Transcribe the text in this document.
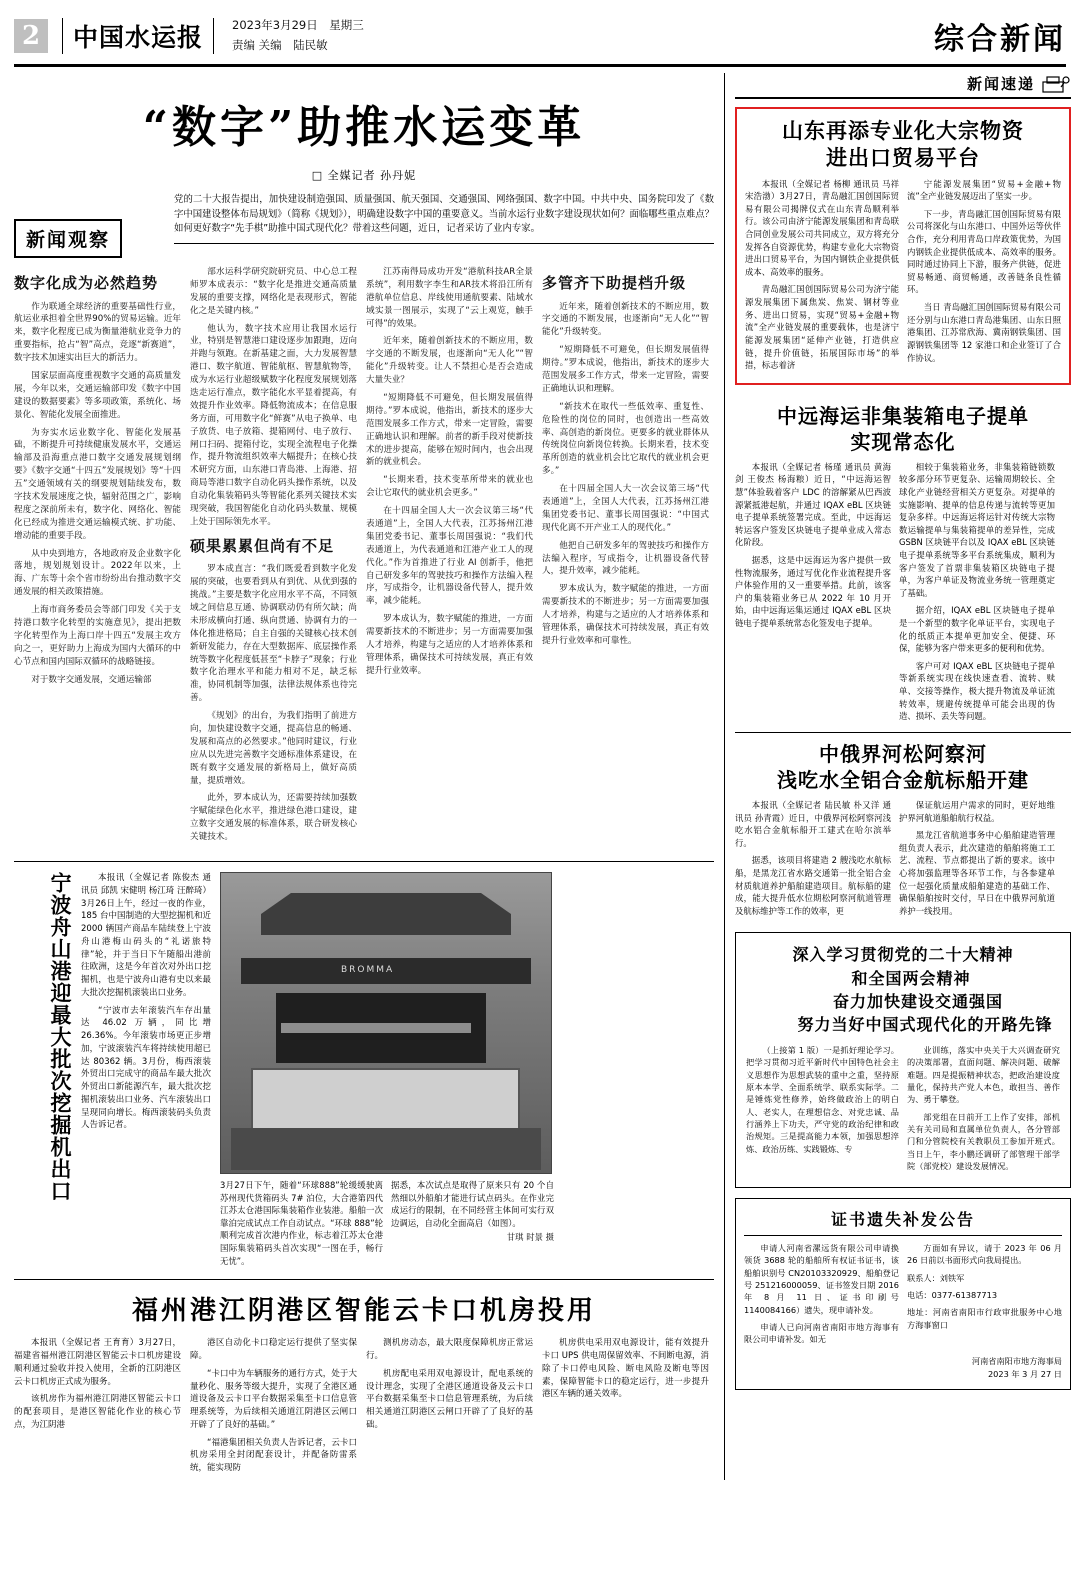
2	中国水运报	2023年3月29日　星期三
责编 关编　陆民敏	综合新闻
“数字”助推水运变革
□ 全媒记者 孙丹妮
新闻观察
党的二十大报告提出，加快建设制造强国、质量强国、航天强国、交通强国、网络强国、数字中国。中共中央、国务院印发了《数字中国建设整体布局规划》（简称《规划》），明确建设数字中国的重要意义。当前水运行业数字建设现状如何？面临哪些重点难点？如何更好数字“先手棋”助推中国式现代化？带着这些问题，近日，记者采访了业内专家。
数字化成为必然趋势

作为联通全球经济的重要基础性行业，航运业承担着全世界90%的贸易运输。近年来，数字化程度已成为衡量港航业竞争力的重要指标，抢占“智”高点，竞逐“新赛道”，数字技术加速实出巨大的新活力。

国家层面高度重视数字交通的高质量发展，今年以来，交通运输部印发《数字中国建设的数据要素》等多项政策，系统化、场景化、智能化发展全面推进。

为夯实水运业数字化、智能化发展基础，不断提升可持续健康发展水平，交通运输部及沿海重点港口数字交通发展规划纲要》《数字交通“十四五”发展规划》等“十四五”交通领域有关的纲要规划陆续发布，数字技术发展速度之快，辐射范围之广，影响程度之深前所未有，数字化、网络化、智能化已经成为推进交通运输模式统、扩功能、增动能的重要手段。

从中央到地方，各地政府及企业数字化落地，规划规划设计。2022年以来，上海、广东等十余个省市纷纷出台推动数字交通发展的相关政策措施。

上海市商务委员会等部门印发《关于支持港口数字化转型的实施意见》，提出把数字化转型作为上海口岸十四五“发展主攻方向之一，更好助力上海成为国内大循环的中心节点和国内国际双循环的战略链接。

对于数字交通发展，交通运输部

部水运科学研究院研究员、中心总工程师罗本成表示：“数字化是推进交通高质量发展的重要支撑，网络化是表现形式，智能化之是关键内核。”

他认为，数字技术应用让我国水运行业，特别是智慧港口建设逐步加跟跑，迈向并跑与领跑。在新基建之面，大力发展智慧港口、数字航道、智能航枢、智慧航物等，成为水运行业超级赋数字化程度发展规划落迭走运行准点，数字能化水平显着提高，有效提升作业效率。降低物流成本；在信息服务方面，可用数字化“鲜赛”从电子换单、电子放货、电子放箱、提箱网付、电子放行、闸口扫码、提箱付讫，实现全流程电子化操作，提升物流组织效率大幅提升；在核心技术研究方面，山东港口青岛港、上海港、招商局等港口数字自动化码头操作系统，以及自动化集装箱码头等智能化系列关键技术实现突破，我国智能化自动化码头数量、规模上处于国际领先水平。

硕果累累但尚有不足

罗本成直言：“我们既爱看到数字化发展的突破，也要看到从有到优、从优到强的挑战。”主要是数字化应用水平不高，不同领域之间信息互通、协调联动仍有所欠缺；尚未形成横向打通、纵向贯通、协调有力的一体化推进格局；自主自强的关键核心技术创新研发能力，存在大型数据库、底层操作系统等数字化程度低甚至“卡脖子”现象；行业数字化治理水平和能力相对不足，缺乏标准，协同机制等加强，法律法规体系也待完善。

《规划》的出台，为我们指明了前进方向，加快建设数字交通，提高信息的畅通、发展和高点的必然要求。”他同时建议，行业应从以先进完善数字交通标准体系建设，在既有数字交通发展的新格局上，做好高质量，提质增效。

此外，罗本成认为，还需要持续加强数字赋能绿色化水平，推进绿色港口建设，建立数字交通发展的标准体系，联合研发核心关键技术。

江苏南得局成功开发“港航科技AR全景系统”，利用数字李生和AR技术将沿江所有港航单位信息、岸线使用通航要素、陆域水域实景一图展示，实现了“云上观览，触手可得”的效果。

近年来，随着创新技术的不断应用，数字交通的不断发展，也逐渐向“无人化”“智能化”升级转变。让人不禁担心是否会造成大量失业？

“短期降低不可避免，但长期发展值得期待。”罗本成说，他指出，新技术的逐步大范围发展多工作方式，带来一定冒险，需要正确地认识和理解。前者的新手段对使新技术的进步提高，能够在短时间内，也会出现新的就业机会。

“长期来看，技术变革所带来的就业也会让它取代的就业机会更多。”

在十四届全国人大一次会议第三场“代表通道”上，全国人大代表，江苏扬州江港集团党委书记、董事长周国强说：“我们代表通道上，为代表通道和江港产业工人的现代化。”作为首推进了行业 AI 创新手，他把自己研发多年的驾驶技巧和操作方法编入程序，写成指令，让机器设备代替人，提升效率，减少能耗。

罗本成认为，数字赋能的推进，一方面需要新技术的不断进步；另一方面需要加强人才培养，构建与之适应的人才培养体系和管理体系，确保技术可持续发展，真正有效提升行业效率。

多管齐下助提档升级

近年来，随着创新技术的不断应用，数字交通的不断发展，也逐渐向“无人化”“智能化”升级转变。

“短期降低不可避免，但长期发展值得期待。”罗本成说，他指出，新技术的逐步大范围发展多工作方式，带来一定冒险，需要正确地认识和理解。

“新技术在取代一些低效率、重复性、危险性的岗位的同时，也创造出一些高效率、高创造的新岗位。更要多的就业群体从传统岗位向新岗位转换。长期来看，技术变革所创造的就业机会比它取代的就业机会更多。”

在十四届全国人大一次会议第三场“代表通道”上，全国人大代表，江苏扬州江港集团党委书记、董事长周国强说：“中国式现代化离不开产业工人的现代化。”

他把自己研发多年的驾驶技巧和操作方法编入程序，写成指令，让机器设备代替人，提升效率，减少能耗。

罗本成认为，数字赋能的推进，一方面需要新技术的不断进步；另一方面需要加强人才培养，构建与之适应的人才培养体系和管理体系，确保技术可持续发展，真正有效提升行业效率和可靠性。

宁波舟山港迎最大批次挖掘机出口	本报讯（全媒记者 陈俊杰 通讯员 邱凯 宋健明 杨江琦 汪醉琦）3月26日上午，经过一夜的作业，185 台中国制造的大型挖掘机和近 2000 辆国产商品车陆续登上宁波舟山港梅山码头的“礼诺旅特律”轮，并于当日下午随船出港前往欧洲，这是今年首次对外出口挖掘机，也是宁波舟山港有史以来最大批次挖掘机滚装出口业务。

“宁波市去年滚装汽车存出量达 46.02 万辆，同比增 26.36%。今年滚装市场更正步增加，宁波滚装汽车将持续使用超已达 80362 辆。3月份，梅西滚装外贸出口完成守的商品车最大批次外贸出口新能源汽车，最大批次挖掘机滚装出口业务、汽车滚装出口呈现同向增长。梅西滚装码头负责人告诉记者。

BROMMA
3月27日下午，随着“环球888”轮缓缓驶离苏州现代货箱码头 7# 泊位，大合港第四代江苏太仓港国际集装箱作业装港。船舶一次靠泊完成试点工作自动试点。“环球 888”轮顺利完成首次港内作业，标志着江苏太仓港国际集装箱码头首次实现“一图在手，畅行无忧”。
据悉，本次试点是取得了原来只有 20 个自然细以外船舶才能进行试点码头。在作业完成运行的限制，在不同经营主体间可实行双边调运，自动化全面高启（如图）。
甘琪 时景 摄
福州港江阴港区智能云卡口机房投用

本报讯（全媒记者 王育育）3月27日，福建省福州港江阴港区智能云卡口机房建设顺利通过验收并投入使用，全新的江阴港区云卡口机房正式成为服务。

该机房作为福州港江阴港区智能云卡口的配套项目，是港区智能化作业的核心节点，为江阴港

港区自动化卡口稳定运行提供了坚实保障。

“卡口中为车辆服务的通行方式，处于大量秒化、服务等级大提升，实现了全港区通道设备及云卡口平台数据采集至卡口信息管理系统等，为后续相关通道江阴港区云闸口开辟了了良好的基础。”

“福港集团相关负责人告诉记者，云卡口机房采用全封闭配套设计，并配备防雷系统，能实现防

测机房动态，最大限度保障机房正常运行。

机房配电采用双电源设计，配电系统的设计理念，实现了全港区通道设备及云卡口平台数据采集至卡口信息管理系统，为后续相关通道江阴港区云闸口开辟了了良好的基础。

机房供电采用双电源设计，能有效提升卡口 UPS 供电周保留效率、不间断电源，消除了卡口停电风险、断电风险及断电等因素，保障智能卡口的稳定运行，进一步提升港区车辆的通关效率。

新闻速递
山东再添专业化大宗物资
进出口贸易平台

本报讯（全媒记者 杨柳 通讯员 马祥 宋浩渤）3月27日，青岛融汇国创国际贸易有限公司揭牌仪式在山东青岛顺利举行。该公司由济宁能源发展集团和青岛联合同创业发展公司共同成立，双方将充分发挥各自资源优势，构建专业化大宗物资进出口贸易平台，为国内钢铁企业提供低成本、高效率的服务。

青岛融汇国创国际贸易公司为济宁能源发展集团下属焦炭、焦炭、钢材等业务、进出口贸易，实现“贸易+金融+物流”全产业链发展的重要载体，也是济宁能源发展集团“延伸产业链，打造供应链，提升价值链，拓展国际市场”的举措，标志着济

宁能源发展集团“贸易+金融+物流”全产业链发展迈出了坚实一步。

下一步，青岛融汇国创国际贸易有限公司将深化与山东港口、中国外运等伙伴合作，充分利用青岛口岸政策优势，为国内钢铁企业提供低成本、高效率的服务。同时通过协同上下游，服务产供链，促进贸易畅通、商贸畅通，改善链条良性循环。

当日 青岛融汇国创国际贸易有限公司还分别与山东港口青岛港集团、山东日照港集团、江苏常欣海、冀南钢铁集团、国源钢铁集团等 12 家港口和企业签订了合作协议。

中远海运非集装箱电子提单
实现常态化

本报讯（全媒记者 杨瑾 通讯员 黄海剑 王俊杰 杨海粮）近日，“中远海运智慧”体验载着客户 LDC 的溶解紧从巴西波源紧抵港起航，并通过 IQAX eBL 区块链电子提单系统签署完成。至此，中远海运转运客户签发区块链电子提单业成入常态化阶段。

据悉，这是中远海运为客户提供一致性物流服务，通过写优化作业流程提升客户体验作用的又一重要举措。此前，该客户的集装箱业务已从 2022 年 10 月开始，由中远海运集运通过 IQAX eBL 区块链电子提单系统常态化签发电子提单。

相较于集装箱业务，非集装箱链锁数较多部分环节更复杂、运输周期较长、全球化产业链经营相关方更复杂。对提单的实施影响、提单的信息传递与流转等更加复杂多样。中远海运将运针对传统大宗物数运输提单与集装箱提单的差异性，完成GSBN 区块链平台以及 IQAX eBL 区块链电子提单系统等多平台系统集成，顺利为客户签发了首票非集装箱区块链电子提单，为客户单证及物流业务统一管理奠定了基础。

据介绍，IQAX eBL 区块链电子提单是一个新型的数字化单证平台，实现电子化的纸质正本提单更加安全、便捷、环保，能够为客户带来更多的便利和优势。

客户可对 IQAX eBL 区块链电子提单等新系统实现在线快速查看、流转、赎单、交接等操作，极大提升物流及单证流转效率，规避传统提单可能会出现的伪造、损坏、丢失等问题。

中俄界河松阿察河
浅吃水全铝合金航标船开建

本报讯（全媒记者 陆民敏 朴又洋 通讯员 孙青霞）近日，中俄界河松阿察河浅吃水铝合金航标船开工建式在哈尔滨举行。

据悉，该项目将建造 2 艘浅吃水航标船，是黑龙江省水路交通第一批全铝合金材质航道养护船舶建造项目。航标船的建成，能大提升低水位期松阿察河航道管理及航标维护等工作的效率，更

保证航运用户需求的同时，更好地维护界河航道船舶航行权益。

黑龙江省航道事务中心船舶建造管理组负责人表示，此次建造的船舶将施工工艺、流程、节点都提出了新的要求。该中心将加强监理等各环节工作，与各参建单位一起强化质量成船舶建造的基础工作、确保船舶按时交付，早日在中俄界河航道养护一线投用。

深入学习贯彻党的二十大精神
和全国两会精神
奋力加快建设交通强国
努力当好中国式现代化的开路先锋

（上接第 1 版）一是抓好理论学习。把学习贯彻习近平新时代中国特色社会主义思想作为思想武装的重中之重，坚持原原本本学、全面系统学、联系实际学。二是锤炼党性修养，始终做政治上的明白人、老实人，在理想信念、对党忠诚、品行涵养上下功夫，严守党的政治纪律和政治规矩。三是提高能力本领，加强思想淬炼、政治历练、实践锻炼、专

业训练，落实中央关于大兴调查研究的决策部署，直面问题、解决问题、破解难题。四是提振精神状态，把政治建设度量化，保持共产党人本色，敢担当、善作为、勇于攀登。

部党组在日前开工上作了安排，部机关有关司局和直属单位负责人，各分管部门和分管院校有关教职员工参加开班式。当日上午，李小鹏还调研了部管理干部学院（部党校）建设发展情况。

证书遗失补发公告

申请人河南省漯远货有限公司申请换领货 3688 轮的船舶所有权证书证书，该船舶识别号 CN20103320929、船舶登记号 251216000059、证书签发日期 2016 年 8 月 11 日、证书印刷号 1140084166）遗失，现申请补发。

申请人已向河南省南阳市地方海事有限公司申请补发。如无

方面如有异议，请于 2023 年 06 月 26 日前以书面形式向我局提出。

联系人：刘铁军

电话：0377-61387713

地址：河南省南阳市行政审批服务中心地方海事窗口

河南省南阳市地方海事局
2023 年 3 月 27 日
